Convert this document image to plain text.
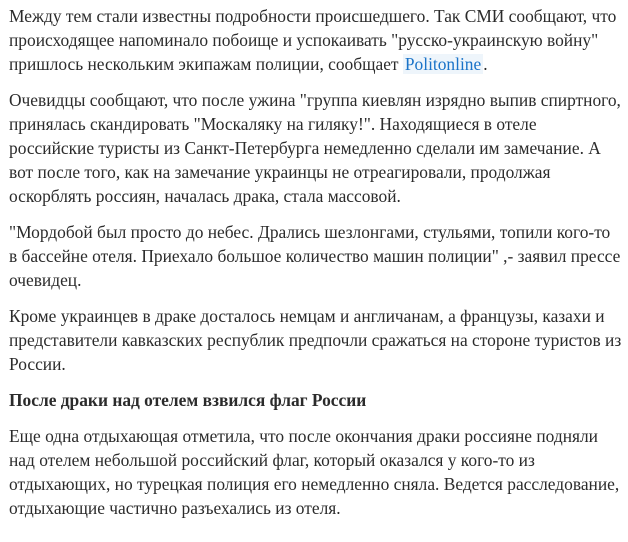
Между тем стали известны подробности происшедшего. Так СМИ сообщают, что происходящее напоминало побоище и успокаивать "русско-украинскую войну" пришлось нескольким экипажам полиции, сообщает Politonline .

Очевидцы сообщают, что после ужина "группа киевлян изрядно выпив спиртного, принялась скандировать "Москаляку на гиляку!". Находящиеся в отеле российские туристы из Санкт-Петербурга немедленно сделали им замечание. А вот после того, как на замечание украинцы не отреагировали, продолжая оскорблять россиян, началась драка, стала массовой.

"Мордобой был просто до небес. Дрались шезлонгами, стульями, топили кого-то в бассейне отеля. Приехало большое количество машин полиции" ,- заявил прессе очевидец.

Кроме украинцев в драке досталось немцам и англичанам, а французы, казахи и представители кавказских республик предпочли сражаться на стороне туристов из России.

После драки над отелем взвился флаг России

Еще одна отдыхающая отметила, что после окончания драки россияне подняли над отелем небольшой российский флаг, который оказался у кого-то из отдыхающих, но турецкая полиция его немедленно сняла. Ведется расследование, отдыхающие частично разъехались из отеля.
